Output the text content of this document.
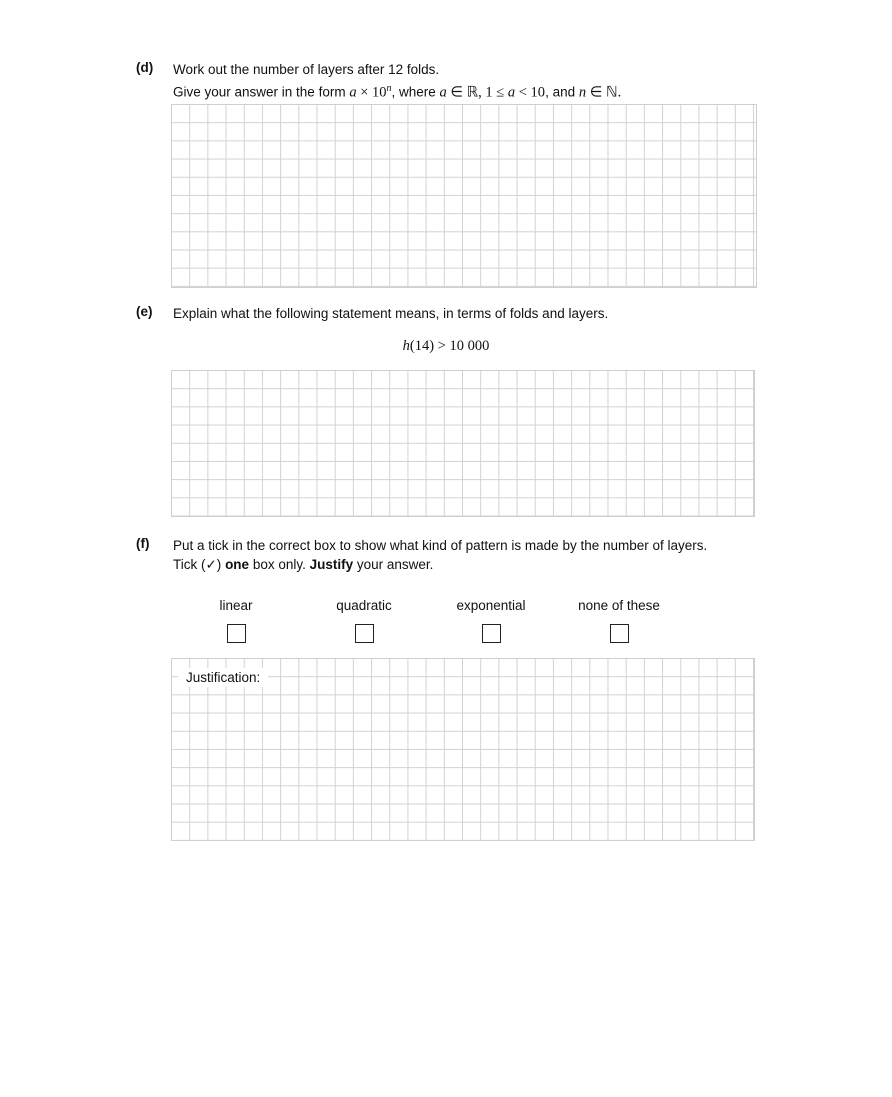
(d) Work out the number of layers after 12 folds.
Give your answer in the form $a \times 10^n$, where a ∈ ℝ, 1 ≤ a < 10, and n ∈ ℕ.
(e) Explain what the following statement means, in terms of folds and layers.
h(14) > 10 000
(f) Put a tick in the correct box to show what kind of pattern is made by the number of layers.
Tick (✓) one box only. Justify your answer.
linear	quadratic	exponential	none of these
Justification:
